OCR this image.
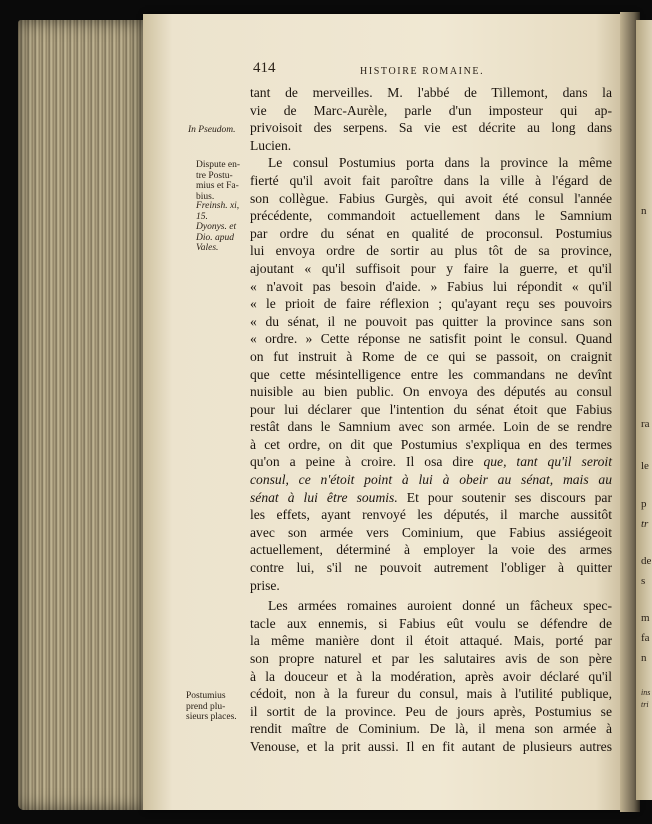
414	HISTOIRE ROMAINE.
In Pseudom.
Dispute en-
tre Postu-
mius et Fa-
bius.
Freinsh. xi,
15.
Dyonys. et
Dio. apud
Vales.
Postumius
prend plu-
sieurs places.
tant de merveilles. M. l'abbé de Tillemont, dans la
vie de Marc-Aurèle, parle d'un imposteur qui ap-
privoisoit des serpens. Sa vie est décrite au long dans
Lucien.
Le consul Postumius porta dans la province la même
fierté qu'il avoit fait paroître dans la ville à l'égard de
son collègue. Fabius Gurgès, qui avoit été consul l'année
précédente, commandoit actuellement dans le Samnium
par ordre du sénat en qualité de proconsul. Postumius
lui envoya ordre de sortir au plus tôt de sa province,
ajoutant « qu'il suffisoit pour y faire la guerre, et qu'il
« n'avoit pas besoin d'aide. » Fabius lui répondit « qu'il
« le prioit de faire réflexion ; qu'ayant reçu ses pouvoirs
« du sénat, il ne pouvoit pas quitter la province sans son
« ordre. » Cette réponse ne satisfit point le consul. Quand
on fut instruit à Rome de ce qui se passoit, on craignit
que cette mésintelligence entre les commandans ne devînt
nuisible au bien public. On envoya des députés au consul
pour lui déclarer que l'intention du sénat étoit que Fabius
restât dans le Samnium avec son armée. Loin de se rendre
à cet ordre, on dit que Postumius s'expliqua en des termes
qu'on a peine à croire. Il osa dire que, tant qu'il seroit
consul, ce n'étoit point à lui à obeir au sénat, mais au
sénat à lui être soumis. Et pour soutenir ses discours par
les effets, ayant renvoyé les députés, il marche aussitôt
avec son armée vers Cominium, que Fabius assiégeoit
actuellement, déterminé à employer la voie des armes
contre lui, s'il ne pouvoit autrement l'obliger à quitter
prise.
Les armées romaines auroient donné un fâcheux spec-
tacle aux ennemis, si Fabius eût voulu se défendre de
la même manière dont il étoit attaqué. Mais, porté par
son propre naturel et par les salutaires avis de son père
à la douceur et à la modération, après avoir déclaré qu'il
cédoit, non à la fureur du consul, mais à l'utilité publique,
il sortit de la province. Peu de jours après, Postumius se
rendit maître de Cominium. De là, il mena son armée à
Venouse, et la prit aussi. Il en fit autant de plusieurs autres
n
ra
le
p
tr
de
s
m
fa
n
ins
tri
